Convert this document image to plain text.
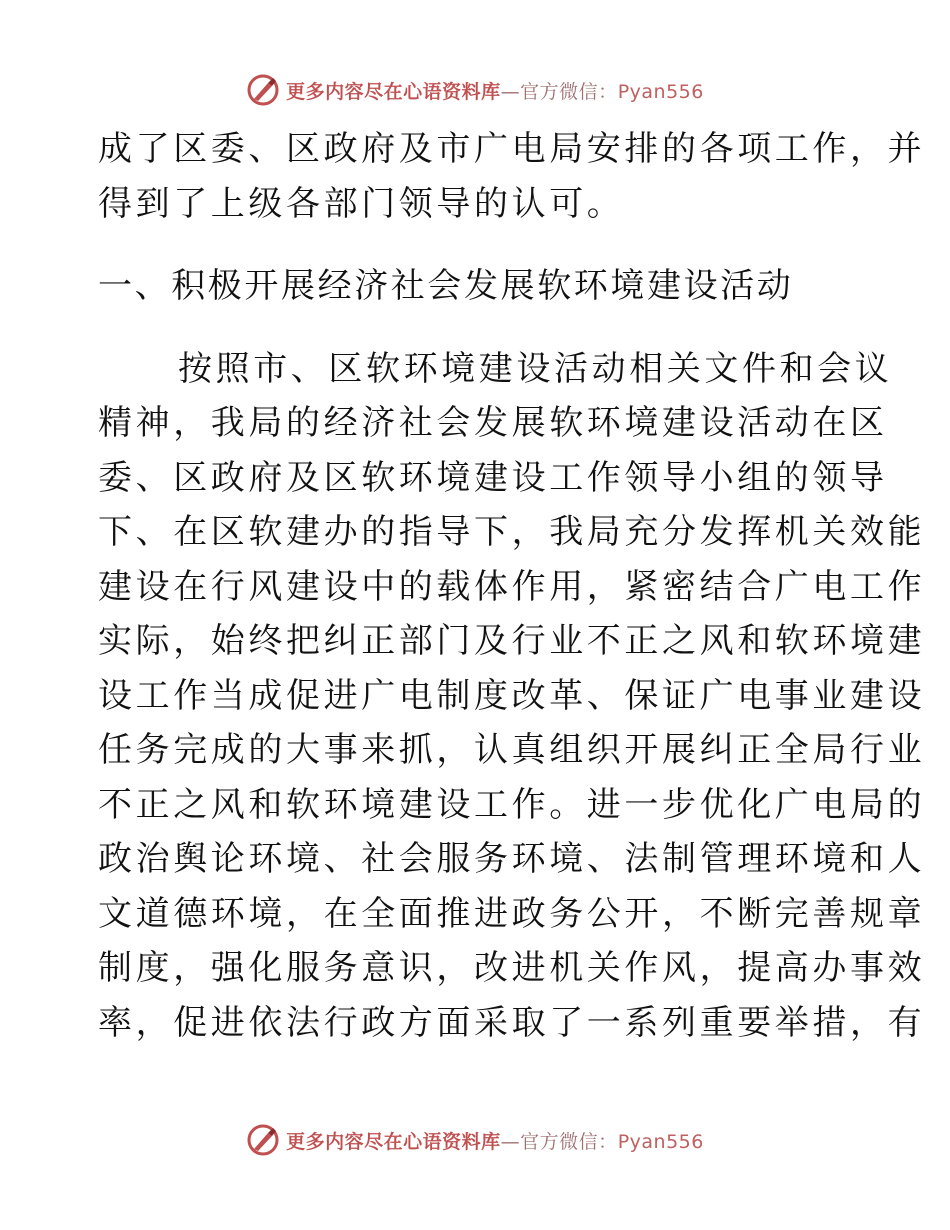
更多内容尽在心语资料库—官方微信：Pyan556
成了区委、区政府及市广电局安排的各项工作，并
得到了上级各部门领导的认可。
一、积极开展经济社会发展软环境建设活动
按照市、区软环境建设活动相关文件和会议
精神，我局的经济社会发展软环境建设活动在区
委、区政府及区软环境建设工作领导小组的领导
下、在区软建办的指导下，我局充分发挥机关效能
建设在行风建设中的载体作用，紧密结合广电工作
实际，始终把纠正部门及行业不正之风和软环境建
设工作当成促进广电制度改革、保证广电事业建设
任务完成的大事来抓，认真组织开展纠正全局行业
不正之风和软环境建设工作。进一步优化广电局的
政治舆论环境、社会服务环境、法制管理环境和人
文道德环境，在全面推进政务公开，不断完善规章
制度，强化服务意识，改进机关作风，提高办事效
率，促进依法行政方面采取了一系列重要举措，有
更多内容尽在心语资料库—官方微信：Pyan556
